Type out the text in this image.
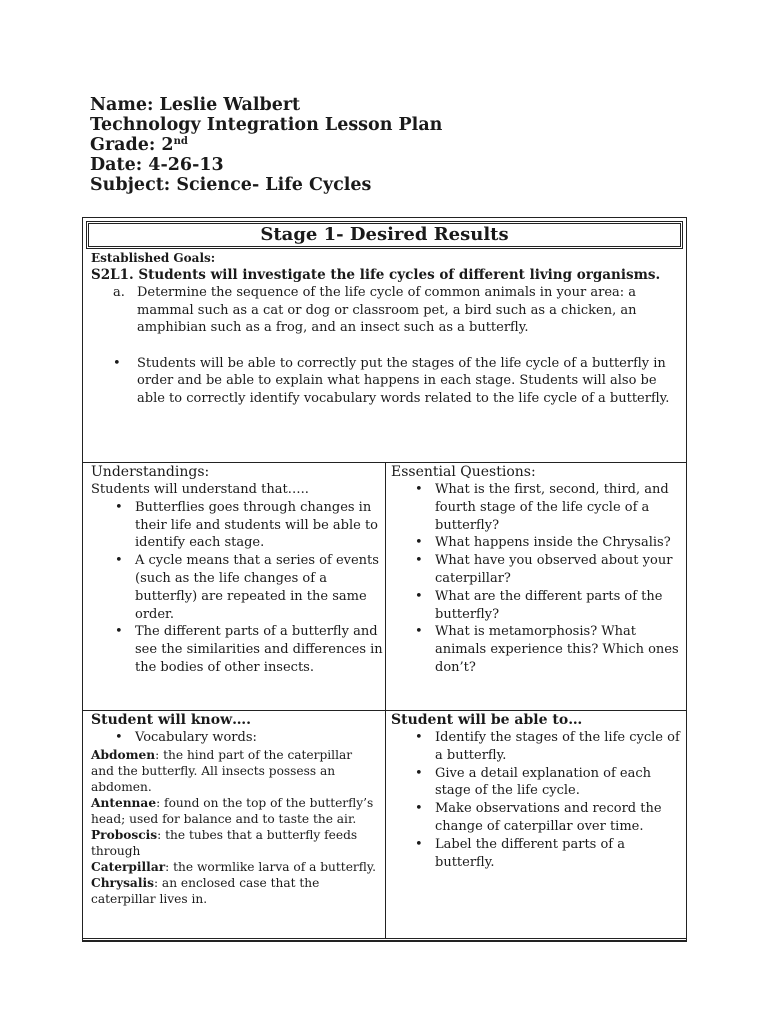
Name: Leslie Walbert
Technology Integration Lesson Plan
Grade: 2nd
Date: 4-26-13
Subject: Science- Life Cycles
Stage 1- Desired Results
Established Goals:
S2L1. Students will investigate the life cycles of different living organisms.
a. Determine the sequence of the life cycle of common animals in your area: a mammal such as a cat or dog or classroom pet, a bird such as a chicken, an amphibian such as a frog, and an insect such as a butterfly.
• Students will be able to correctly put the stages of the life cycle of a butterfly in order and be able to explain what happens in each stage. Students will also be able to correctly identify vocabulary words related to the life cycle of a butterfly.
Understandings:
Students will understand that…..
• Butterflies goes through changes in their life and students will be able to identify each stage.
• A cycle means that a series of events (such as the life changes of a butterfly) are repeated in the same order.
• The different parts of a butterfly and see the similarities and differences in the bodies of other insects.
Essential Questions:
• What is the first, second, third, and fourth stage of the life cycle of a butterfly?
• What happens inside the Chrysalis?
• What have you observed about your caterpillar?
• What are the different parts of the butterfly?
• What is metamorphosis? What animals experience this? Which ones don’t?
Student will know….
• Vocabulary words:
Abdomen: the hind part of the caterpillar and the butterfly. All insects possess an abdomen.
Antennae: found on the top of the butterfly’s head; used for balance and to taste the air.
Proboscis: the tubes that a butterfly feeds through
Caterpillar: the wormlike larva of a butterfly.
Chrysalis: an enclosed case that the caterpillar lives in.
Student will be able to…
• Identify the stages of the life cycle of a butterfly.
• Give a detail explanation of each stage of the life cycle.
• Make observations and record the change of caterpillar over time.
• Label the different parts of a butterfly.
